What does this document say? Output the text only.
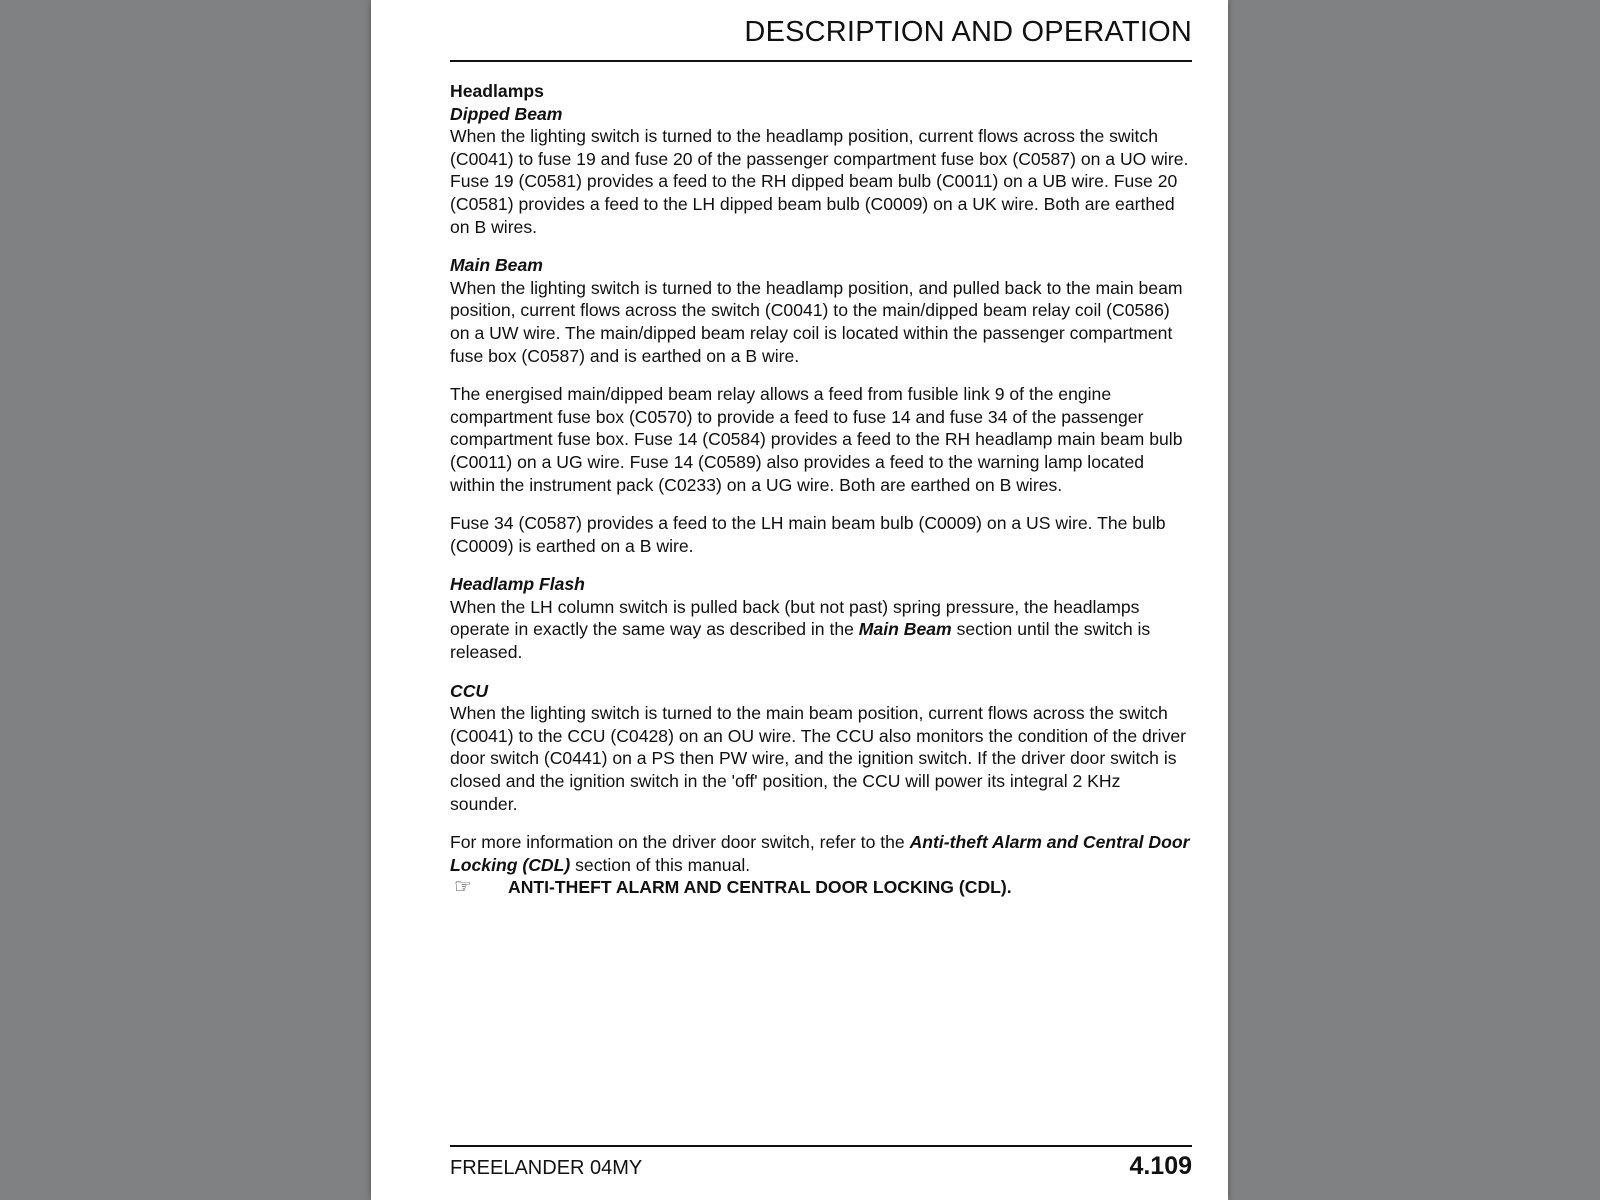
DESCRIPTION AND OPERATION
Headlamps
Dipped Beam

When the lighting switch is turned to the headlamp position, current flows across the switch (C0041) to fuse 19 and fuse 20 of the passenger compartment fuse box (C0587) on a UO wire. Fuse 19 (C0581) provides a feed to the RH dipped beam bulb (C0011) on a UB wire. Fuse 20 (C0581) provides a feed to the LH dipped beam bulb (C0009) on a UK wire. Both are earthed on B wires.

Main Beam

When the lighting switch is turned to the headlamp position, and pulled back to the main beam position, current flows across the switch (C0041) to the main/dipped beam relay coil (C0586) on a UW wire. The main/dipped beam relay coil is located within the passenger compartment fuse box (C0587) and is earthed on a B wire.

The energised main/dipped beam relay allows a feed from fusible link 9 of the engine compartment fuse box (C0570) to provide a feed to fuse 14 and fuse 34 of the passenger compartment fuse box. Fuse 14 (C0584) provides a feed to the RH headlamp main beam bulb (C0011) on a UG wire. Fuse 14 (C0589) also provides a feed to the warning lamp located within the instrument pack (C0233) on a UG wire. Both are earthed on B wires.

Fuse 34 (C0587) provides a feed to the LH main beam bulb (C0009) on a US wire. The bulb (C0009) is earthed on a B wire.

Headlamp Flash

When the LH column switch is pulled back (but not past) spring pressure, the headlamps operate in exactly the same way as described in the Main Beam section until the switch is released.

CCU

When the lighting switch is turned to the main beam position, current flows across the switch (C0041) to the CCU (C0428) on an OU wire. The CCU also monitors the condition of the driver door switch (C0441) on a PS then PW wire, and the ignition switch. If the driver door switch is closed and the ignition switch in the 'off' position, the CCU will power its integral 2 KHz sounder.

For more information on the driver door switch, refer to the Anti-theft Alarm and Central Door Locking (CDL) section of this manual.
☞	ANTI-THEFT ALARM AND CENTRAL DOOR LOCKING (CDL).
FREELANDER 04MY	4.109
